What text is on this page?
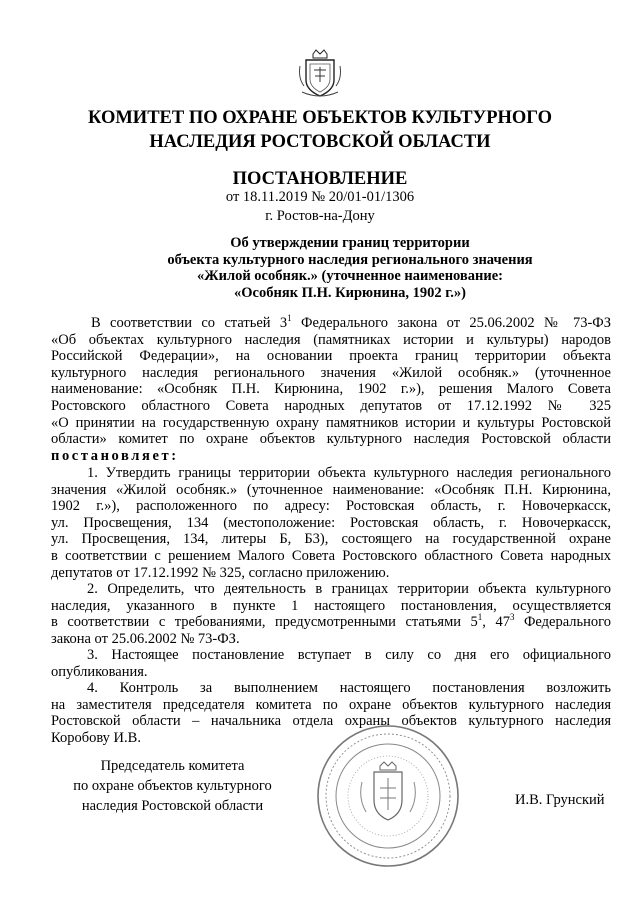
КОМИТЕТ ПО ОХРАНЕ ОБЪЕКТОВ КУЛЬТУРНОГО
НАСЛЕДИЯ РОСТОВСКОЙ ОБЛАСТИ
ПОСТАНОВЛЕНИЕ
от 18.11.2019 № 20/01-01/1306
г. Ростов-на-Дону
Об утверждении границ территории
объекта культурного наследия регионального значения
«Жилой особняк.» (уточненное наименование:
«Особняк П.Н. Кирюнина, 1902 г.»)
В соответствии со статьей $3^1$ Федерального закона от 25.06.2002 № 73-ФЗ
«Об объектах культурного наследия (памятниках истории и культуры) народов
Российской Федерации», на основании проекта границ территории объекта
культурного наследия регионального значения «Жилой особняк.» (уточненное
наименование: «Особняк П.Н. Кирюнина, 1902 г.»), решения Малого Совета
Ростовского областного Совета народных депутатов от 17.12.1992 № 325
«О принятии на государственную охрану памятников истории и культуры Ростовской
области» комитет по охране объектов культурного наследия Ростовской области
постановляет:
1. Утвердить границы территории объекта культурного наследия регионального
значения «Жилой особняк.» (уточненное наименование: «Особняк П.Н. Кирюнина,
1902 г.»), расположенного по адресу: Ростовская область, г. Новочеркасск,
ул. Просвещения, 134 (местоположение: Ростовская область, г. Новочеркасск,
ул. Просвещения, 134, литеры Б, Б3), состоящего на государственной охране
в соответствии с решением Малого Совета Ростовского областного Совета народных
депутатов от 17.12.1992 № 325, согласно приложению.
2. Определить, что деятельность в границах территории объекта культурного
наследия, указанного в пункте 1 настоящего постановления, осуществляется
в соответствии с требованиями, предусмотренными статьями $5^1$, $47^3$ Федерального
закона от 25.06.2002 № 73-ФЗ.
3. Настоящее постановление вступает в силу со дня его официального
опубликования.
4. Контроль за выполнением настоящего постановления возложить
на заместителя председателя комитета по охране объектов культурного наследия
Ростовской области – начальника отдела охраны объектов культурного наследия
Коробову И.В.
Председатель комитета
по охране объектов культурного
наследия Ростовской области	И.В. Грунский
